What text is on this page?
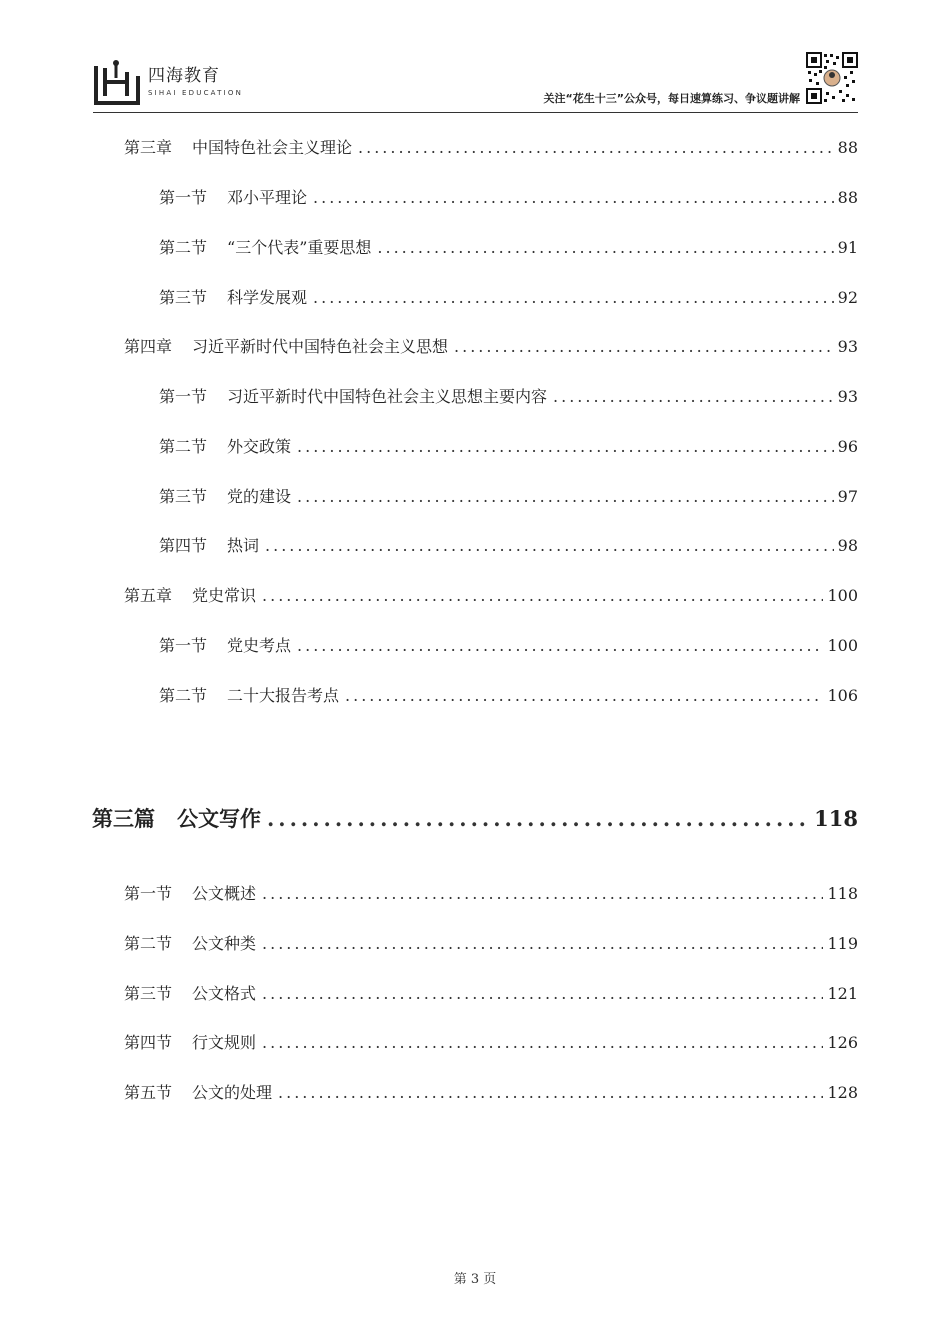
四海教育
SIHAI EDUCATION	关注“花生十三”公众号，每日速算练习、争议题讲解
第三章 中国特色社会主义理论 .....	88
第一节 邓小平理论 .....	88
第二节 “三个代表”重要思想 .....	91
第三节 科学发展观 .....	92
第四章 习近平新时代中国特色社会主义思想 .....	93
第一节 习近平新时代中国特色社会主义思想主要内容 .....	93
第二节 外交政策 .....	96
第三节 党的建设 .....	97
第四节 热词 .....	98
第五章 党史常识 .....	100
第一节 党史考点 .....	100
第二节 二十大报告考点 .....	106
第三篇 公文写作 .....	118
第一节 公文概述 .....	118
第二节 公文种类 .....	119
第三节 公文格式 .....	121
第四节 行文规则 .....	126
第五节 公文的处理 .....	128
第 3 页
